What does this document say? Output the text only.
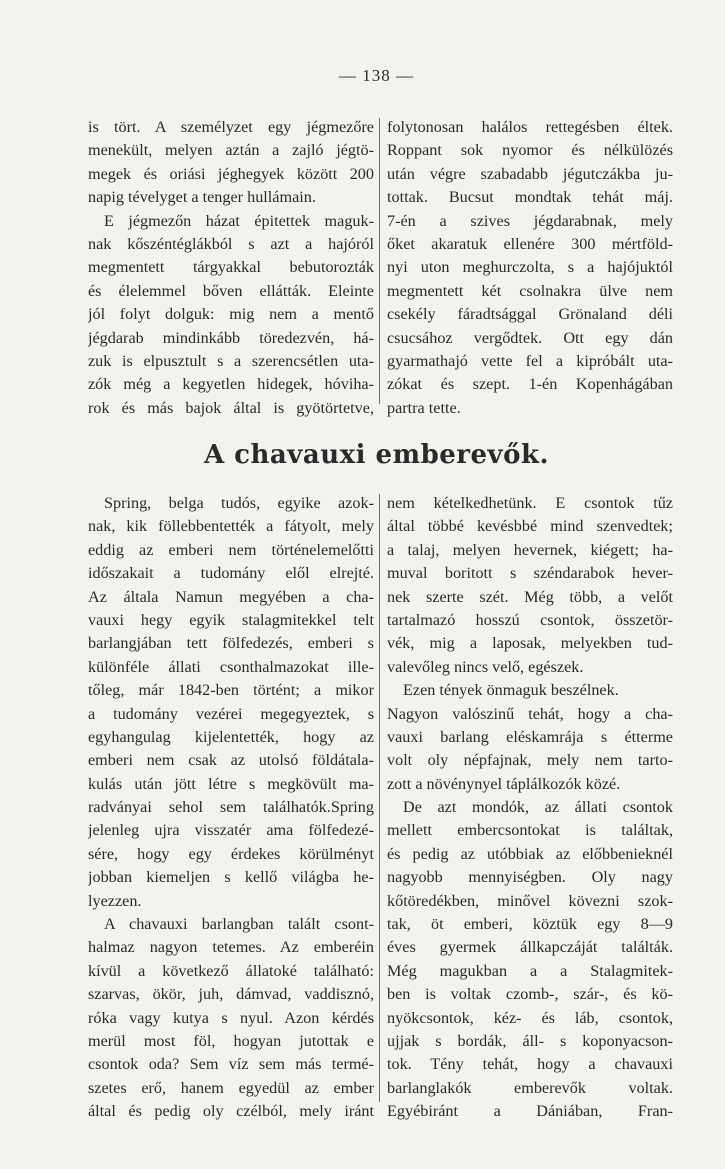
— 138 —
is tört. A személyzet egy jégmezőre
menekült, melyen aztán a zajló jégtö-
megek és oriási jéghegyek között 200
napig tévelyget a tenger hullámain.
E jégmezőn házat épitettek maguk-
nak kőszéntéglákból s azt a hajóról
megmentett tárgyakkal bebutorozták
és élelemmel bőven ellátták. Eleinte
jól folyt dolguk: mig nem a mentő
jégdarab mindinkább töredezvén, há-
zuk is elpusztult s a szerencsétlen uta-
zók még a kegyetlen hidegek, hóviha-
rok és más bajok által is gyötörtetve,
folytonosan halálos rettegésben éltek.
Roppant sok nyomor és nélkülözés
után végre szabadabb jégutczákba ju-
tottak. Bucsut mondtak tehát máj.
7-én a szives jégdarabnak, mely
őket akaratuk ellenére 300 mértföld-
nyi uton meghurczolta, s a hajójuktól
megmentett két csolnakra ülve nem
csekély fáradtsággal Grönaland déli
csucsához vergődtek. Ott egy dán
gyarmathajó vette fel a kipróbált uta-
zókat és szept. 1-én Kopenhágában
partra tette.
A chavauxi emberevők.
Spring, belga tudós, egyike azok-
nak, kik föllebbentették a fátyolt, mely
eddig az emberi nem történelemelőtti
időszakait a tudomány elől elrejté.
Az általa Namun megyében a cha-
vauxi hegy egyik stalagmitekkel telt
barlangjában tett fölfedezés, emberi s
különféle állati csonthalmazokat ille-
tőleg, már 1842-ben történt; a mikor
a tudomány vezérei megegyeztek, s
egyhangulag kijelentették, hogy az
emberi nem csak az utolsó földátala-
kulás után jött létre s megkövült ma-
radványai sehol sem találhatók.Spring
jelenleg ujra visszatér ama fölfedezé-
sére, hogy egy érdekes körülményt
jobban kiemeljen s kellő világba he-
lyezzen.
A chavauxi barlangban talált csont-
halmaz nagyon tetemes. Az emberéin
kívül a következő állatoké található:
szarvas, ökör, juh, dámvad, vaddisznó,
róka vagy kutya s nyul. Azon kérdés
merül most föl, hogyan jutottak e
csontok oda? Sem víz sem más termé-
szetes erő, hanem egyedül az ember
által és pedig oly czélból, mely iránt
nem kételkedhetünk. E csontok tűz
által többé kevésbbé mind szenvedtek;
a talaj, melyen hevernek, kiégett; ha-
muval boritott s széndarabok hever-
nek szerte szét. Még több, a velőt
tartalmazó hosszú csontok, összetör-
vék, mig a laposak, melyekben tud-
valevőleg nincs velő, egészek.
Ezen tények önmaguk beszélnek.
Nagyon valószinű tehát, hogy a cha-
vauxi barlang eléskamrája s étterme
volt oly népfajnak, mely nem tarto-
zott a növénynyel táplálkozók közé.
De azt mondók, az állati csontok
mellett embercsontokat is találtak,
és pedig az utóbbiak az előbbenieknél
nagyobb mennyiségben. Oly nagy
kőtöredékben, minővel kövezni szok-
tak, öt emberi, köztük egy 8—9
éves gyermek állkapczáját találták.
Még magukban a a Stalagmitek-
ben is voltak czomb-, szár-, és kö-
nyökcsontok, kéz- és láb, csontok,
ujjak s bordák, áll- s koponyacson-
tok. Tény tehát, hogy a chavauxi
barlanglakók emberevők voltak.
Egyébiránt a Dániában, Fran-
